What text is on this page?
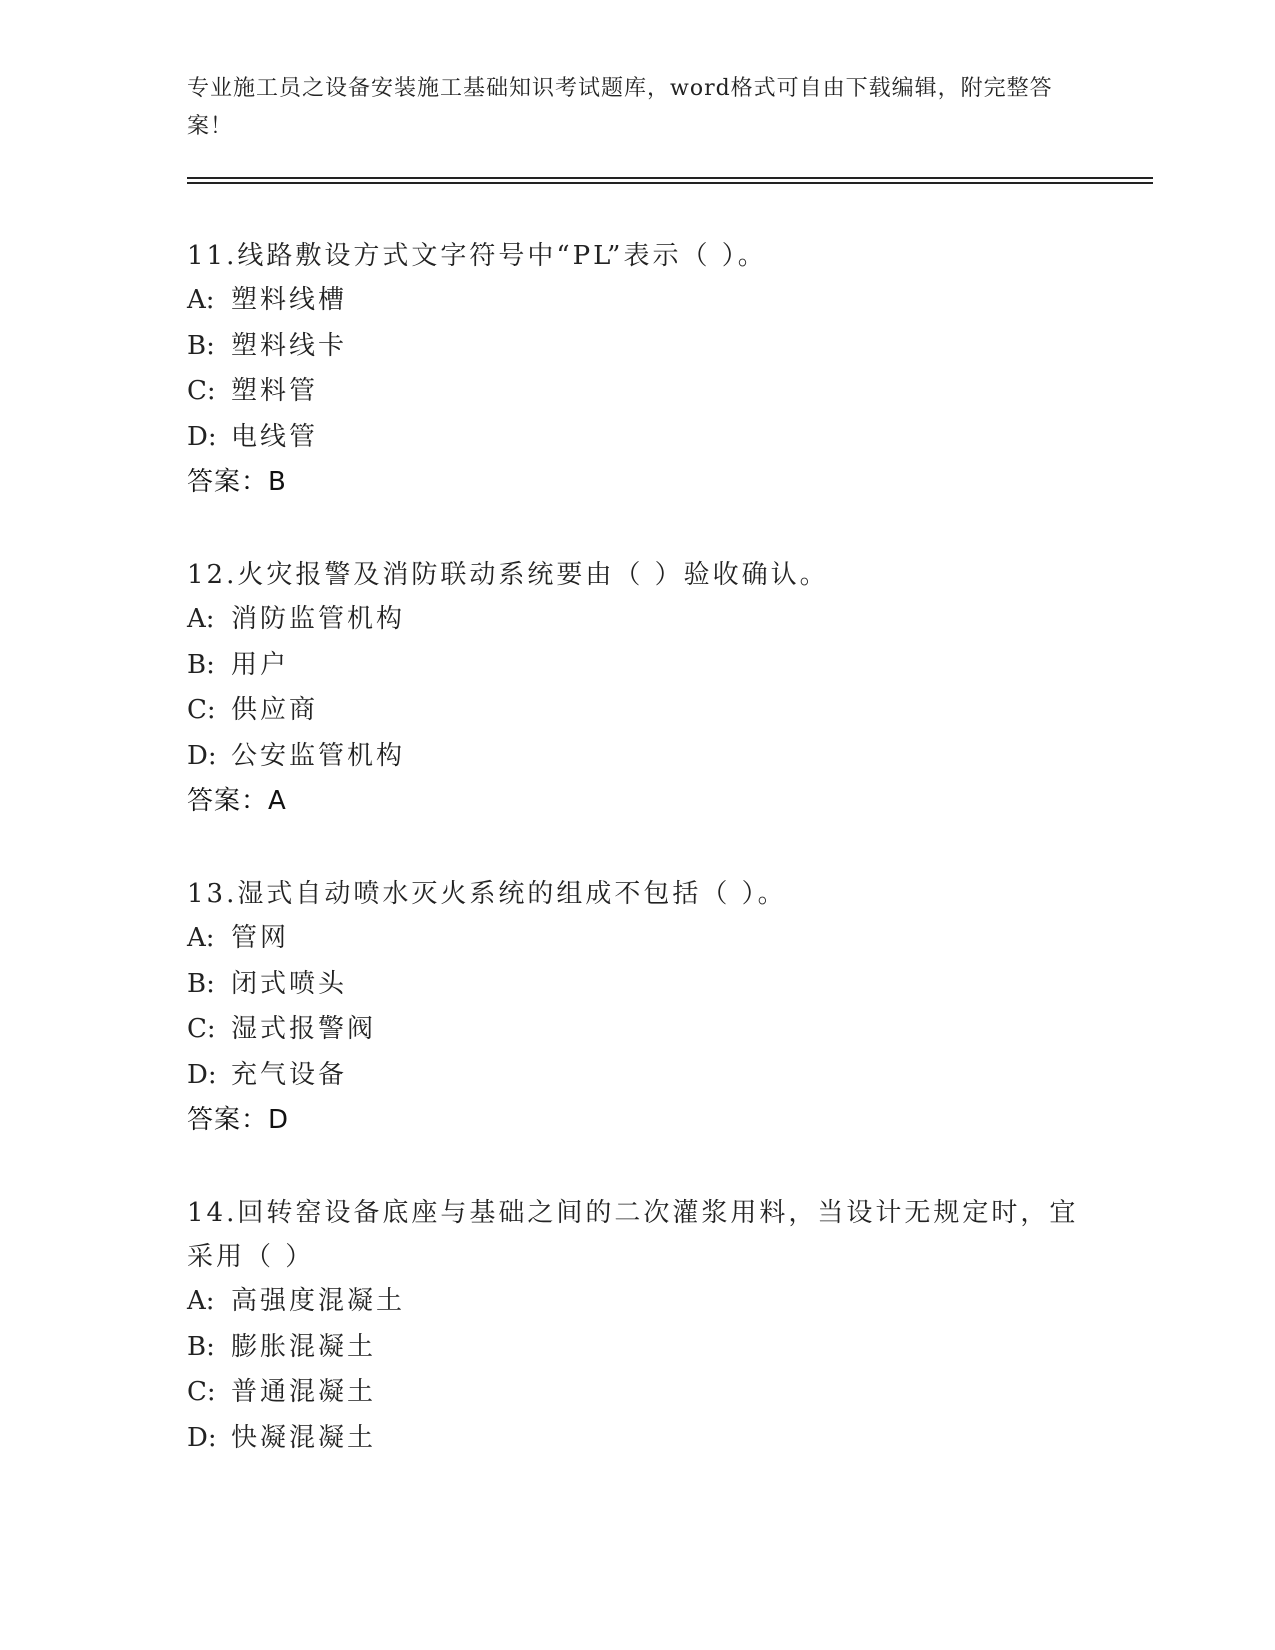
专业施工员之设备安装施工基础知识考试题库，word格式可自由下载编辑，附完整答案！

11.线路敷设方式文字符号中“PL”表示（ ）。

A: 塑料线槽

B: 塑料线卡

C: 塑料管

D: 电线管

答案：B

12.火灾报警及消防联动系统要由（ ）验收确认。

A: 消防监管机构

B: 用户

C: 供应商

D: 公安监管机构

答案：A

13.湿式自动喷水灭火系统的组成不包括（ ）。

A: 管网

B: 闭式喷头

C: 湿式报警阀

D: 充气设备

答案：D

14.回转窑设备底座与基础之间的二次灌浆用料，当设计无规定时，宜采用（ ）

A: 高强度混凝土

B: 膨胀混凝土

C: 普通混凝土

D: 快凝混凝土
